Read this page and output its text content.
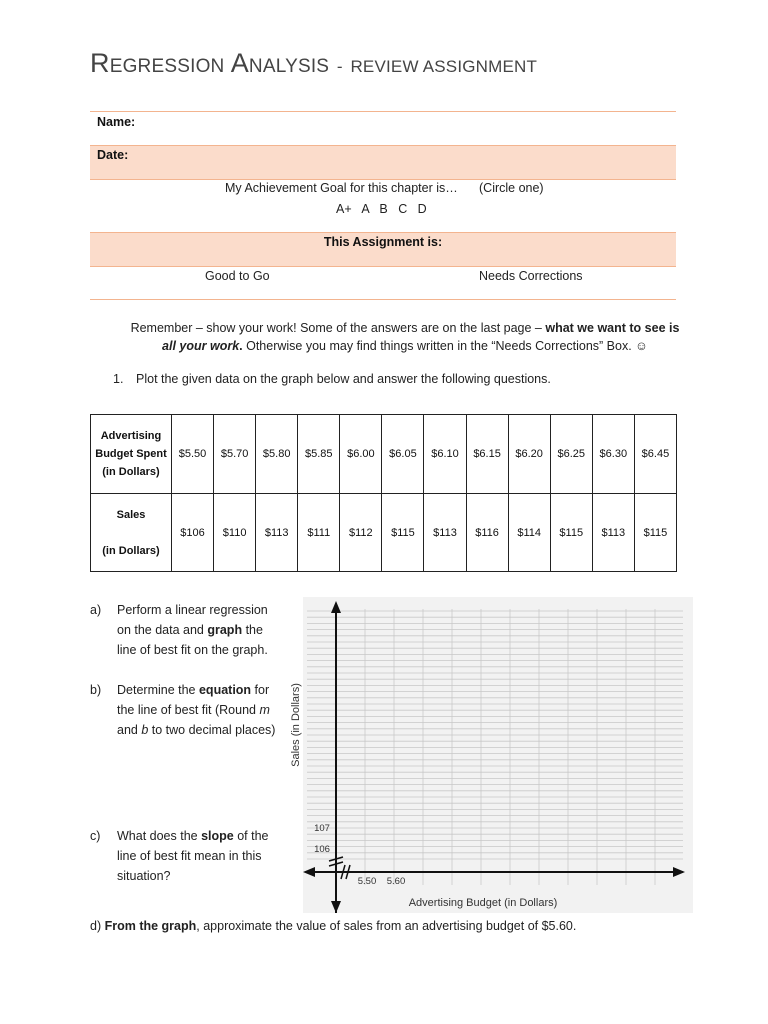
REGRESSION ANALYSIS - REVIEW ASSIGNMENT
Name:
Date:
My Achievement Goal for this chapter is… (Circle one)
A+   A   B   C   D
This Assignment is:
Good to Go	Needs Corrections
Remember – show your work! Some of the answers are on the last page – what we want to see is all your work. Otherwise you may find things written in the “Needs Corrections” Box. ☺
1. Plot the given data on the graph below and answer the following questions.
Advertising Budget Spent (in Dollars)	$5.50	$5.70	$5.80	$5.85	$6.00	$6.05	$6.10	$6.15	$6.20	$6.25	$6.30	$6.45
Sales

(in Dollars)	$106	$110	$113	$111	$112	$115	$113	$116	$114	$115	$113	$115
a) Perform a linear regression on the data and graph the line of best fit on the graph.
b) Determine the equation for the line of best fit (Round m and b to two decimal places)
c) What does the slope of the line of best fit mean in this situation?
d) From the graph, approximate the value of sales from an advertising budget of $5.60.
5.50 5.60
106
107
Advertising Budget (in Dollars)
Sales (in Dollars)
